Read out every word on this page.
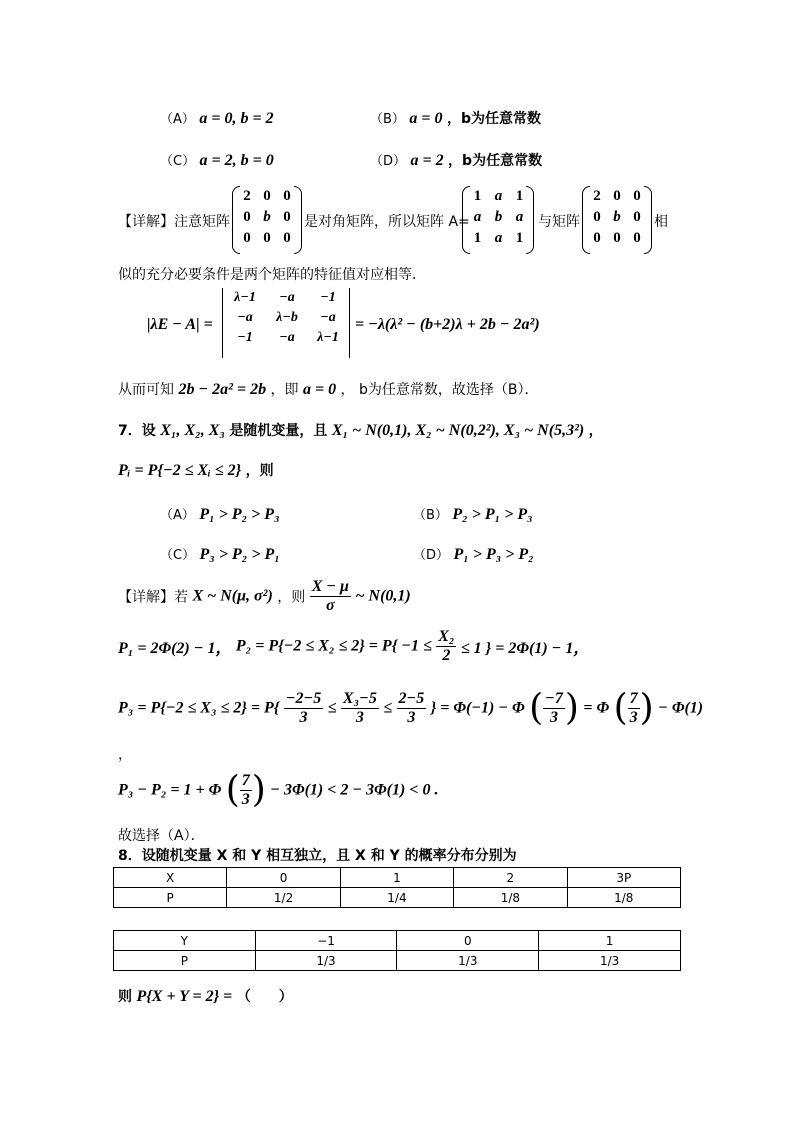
（A） a = 0, b = 2	（B） a = 0 ，b为任意常数
（C） a = 2, b = 0	（D） a = 2 ，b为任意常数
【详解】注意矩阵
2 0 0
0 b 0
0 0 0
是对角矩阵，所以矩阵 A=
1 a 1
a b a
1 a 1
与矩阵
2 0 0
0 b 0
0 0 0
相
似的充分必要条件是两个矩阵的特征值对应相等．
|λE − A| =
λ−1	−a	−1
−a	λ−b	−a
−1	−a	λ−1
= −λ(λ² − (b+2)λ + 2b − 2a²)
从而可知 2b − 2a² = 2b ，即 a = 0 ， b为任意常数，故选择（B）．
7．设 X₁, X₂, X₃ 是随机变量，且 X₁ ~ N(0,1), X₂ ~ N(0,2²), X₃ ~ N(5,3²) ，
Pᵢ = P{−2 ≤ Xᵢ ≤ 2} ，则
（A） P₁ > P₂ > P₃	（B） P₂ > P₁ > P₃
（C） P₃ > P₂ > P₁	（D） P₁ > P₃ > P₂
【详解】若 X ~ N(μ, σ²) ，则 $\frac{X - \mu}{\sigma}$ ~ N(0,1)
P₁ = 2Φ(2) − 1， $P_2 = P\{-2 \le X_2 \le 2\} = P\{ -1 \le \frac{\text{X₂}}{2} \le 1$ } = 2Φ(1) − 1，
$P_3 = P\{-2 \le X_3 \le 2\} = P\{ \frac{-2-5}{3} \le \frac{\text{X₃−5}}{3} \le \frac{2-5}{3}$ } = Φ(−1) − Φ ( $\frac{-7}{3}$ ) = Φ ( $\frac{7}{3}$ ) − Φ(1)
，
P₃ − P₂ = 1 + Φ ( $\frac{7}{3}$ ) − 3Φ(1) < 2 − 3Φ(1) < 0 .
故选择（A）．
8．设随机变量 X 和 Y 相互独立，且 X 和 Y 的概率分布分别为
X	0	1	2	3P
P	1/2	1/4	1/8	1/8
Y	−1	0	1
P	1/3	1/3	1/3
则 P{X + Y = 2} = （　　）
